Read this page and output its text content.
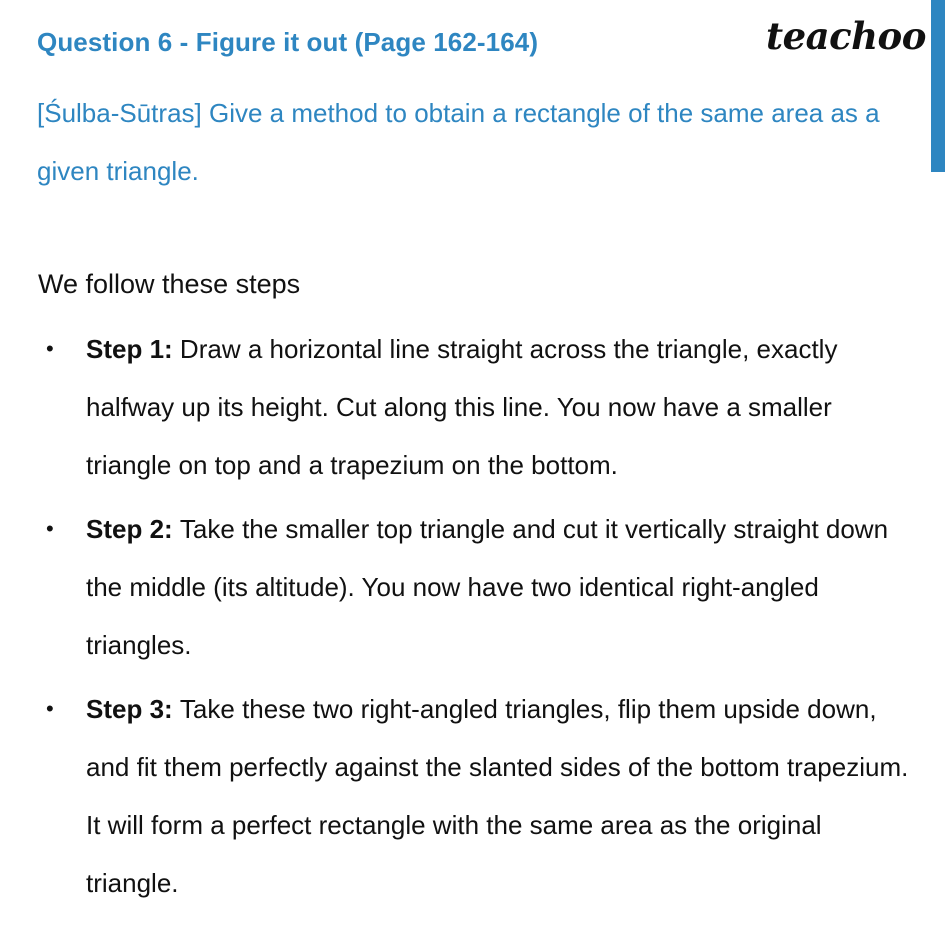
Question 6 - Figure it out (Page 162-164)	teachoo
[Śulba-Sūtras] Give a method to obtain a rectangle of the same area as a given triangle.
We follow these steps
• Step 1: Draw a horizontal line straight across the triangle, exactly halfway up its height. Cut along this line. You now have a smaller triangle on top and a trapezium on the bottom.
• Step 2: Take the smaller top triangle and cut it vertically straight down the middle (its altitude). You now have two identical right-angled triangles.
• Step 3: Take these two right-angled triangles, flip them upside down, and fit them perfectly against the slanted sides of the bottom trapezium. It will form a perfect rectangle with the same area as the original triangle.
